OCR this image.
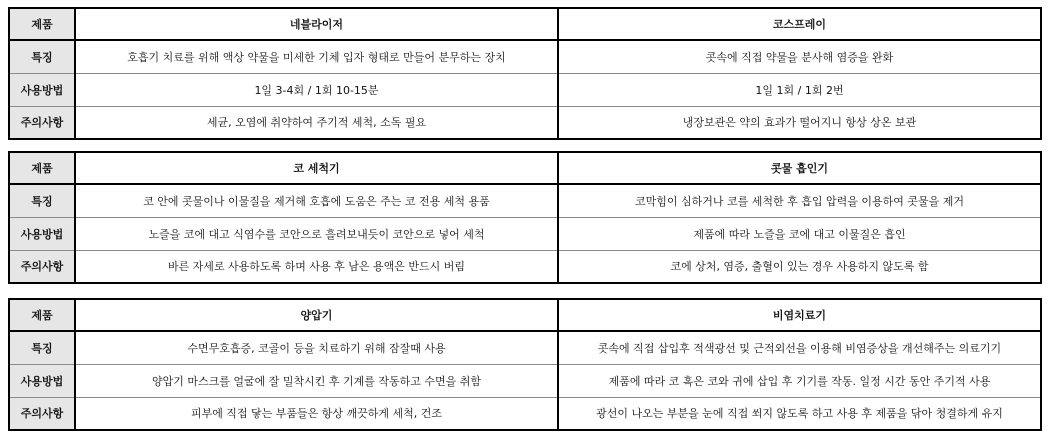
제품	네블라이저	코스프레이
특징	호흡기 치료를 위해 액상 약물을 미세한 기체 입자 형태로 만들어 분무하는 장치	콧속에 직접 약물을 분사해 염증을 완화
사용방법	1일 3-4회 / 1회 10-15분	1일 1회 / 1회 2번
주의사항	세균, 오염에 취약하여 주기적 세척, 소독 필요	냉장보관은 약의 효과가 떨어지니 항상 상온 보관
제품	코 세척기	콧물 흡인기
특징	코 안에 콧물이나 이물질을 제거해 호흡에 도움은 주는 코 전용 세척 용품	코막힘이 심하거나 코를 세척한 후 흡입 압력을 이용하여 콧물을 제거
사용방법	노즐을 코에 대고 식염수를 코안으로 흘려보내듯이 코안으로 넣어 세척	제품에 따라 노즐을 코에 대고 이물질은 흡인
주의사항	바른 자세로 사용하도록 하며 사용 후 남은 용액은 반드시 버림	코에 상처, 염증, 출혈이 있는 경우 사용하지 않도록 함
제품	양압기	비염치료기
특징	수면무호흡증, 코골이 등을 치료하기 위해 잠잘때 사용	콧속에 직접 삽입후 적색광선 및 근적외선을 이용해 비염증상을 개선해주는 의료기기
사용방법	양압기 마스크를 얼굴에 잘 밀착시킨 후 기계를 작동하고 수면을 취함	제품에 따라 코 혹은 코와 귀에 삽입 후 기기를 작동. 일정 시간 동안 주기적 사용
주의사항	피부에 직접 닿는 부품들은 항상 깨끗하게 세척, 건조	광선이 나오는 부분을 눈에 직접 쐬지 않도록 하고 사용 후 제품을 닦아 청결하게 유지
